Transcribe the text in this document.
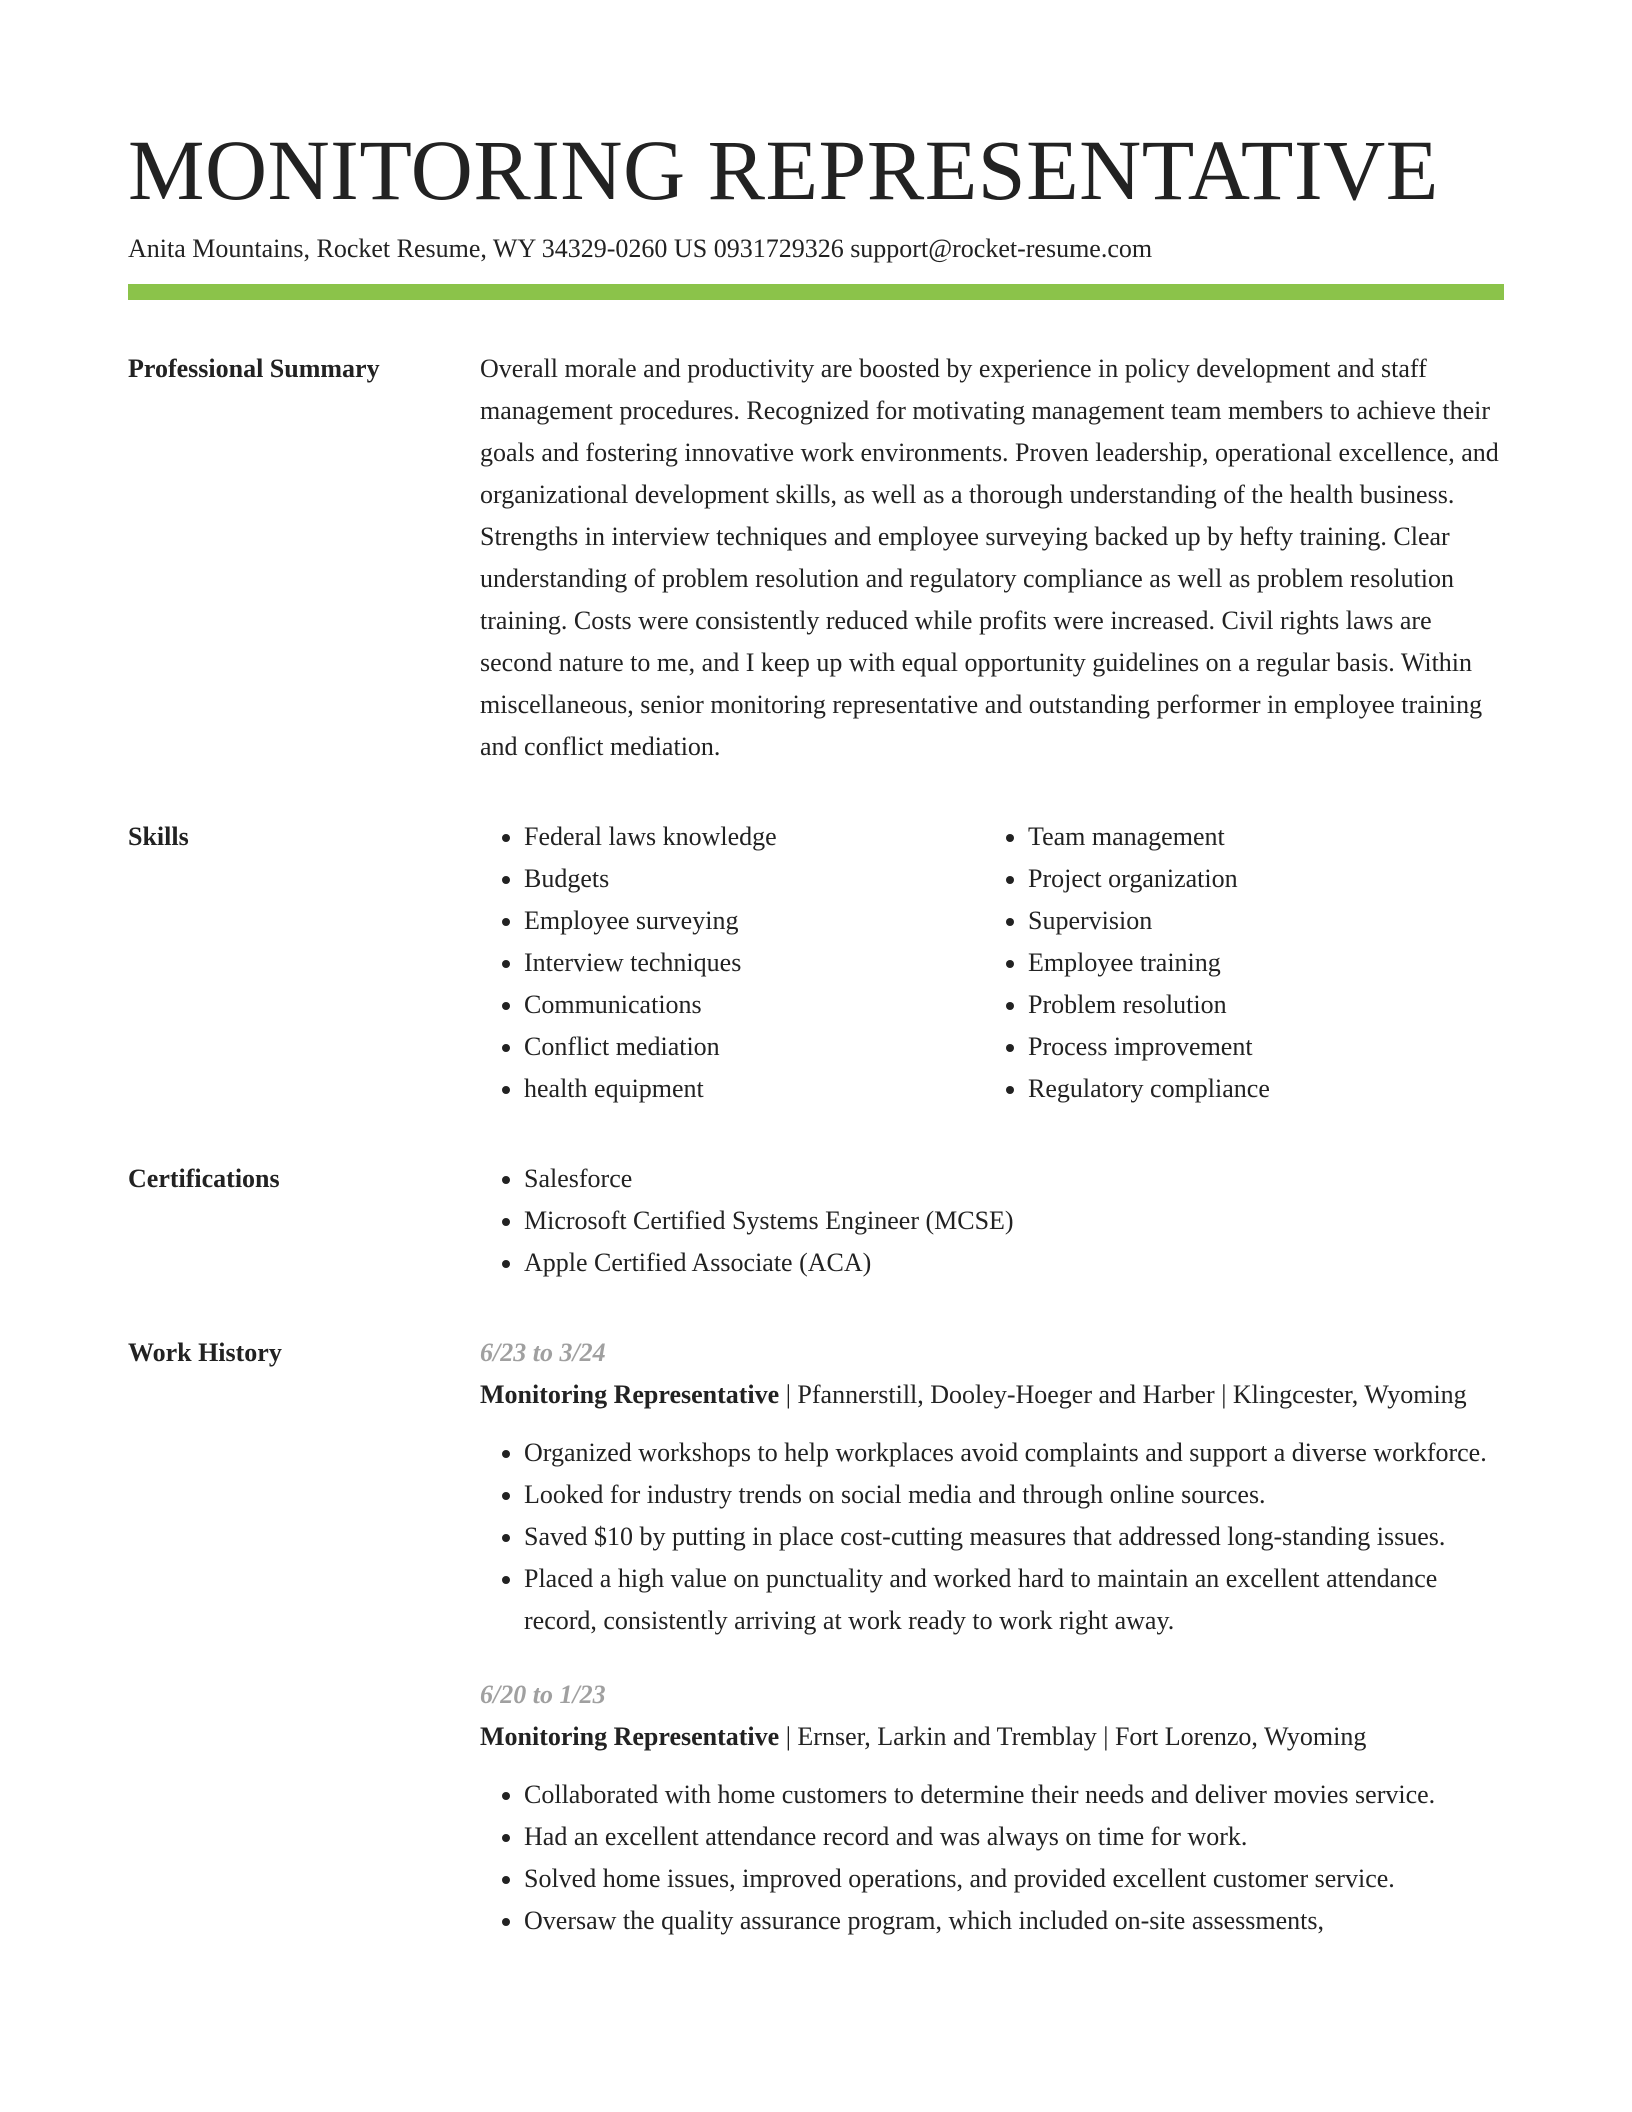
MONITORING REPRESENTATIVE
Anita Mountains, Rocket Resume, WY 34329-0260 US 0931729326 support@rocket-resume.com
Professional Summary	Overall morale and productivity are boosted by experience in policy development and staff management procedures. Recognized for motivating management team members to achieve their goals and fostering innovative work environments. Proven leadership, operational excellence, and organizational development skills, as well as a thorough understanding of the health business. Strengths in interview techniques and employee surveying backed up by hefty training. Clear understanding of problem resolution and regulatory compliance as well as problem resolution training. Costs were consistently reduced while profits were increased. Civil rights laws are second nature to me, and I keep up with equal opportunity guidelines on a regular basis. Within miscellaneous, senior monitoring representative and outstanding performer in employee training and conflict mediation.

Skills	• Federal laws knowledge
• Budgets
• Employee surveying
• Interview techniques
• Communications
• Conflict mediation
• health equipment
• Team management
• Project organization
• Supervision
• Employee training
• Problem resolution
• Process improvement
• Regulatory compliance
Certifications	• Salesforce
• Microsoft Certified Systems Engineer (MCSE)
• Apple Certified Associate (ACA)
Work History	6/23 to 3/24
Monitoring Representative | Pfannerstill, Dooley-Hoeger and Harber | Klingcester, Wyoming
• Organized workshops to help workplaces avoid complaints and support a diverse workforce.
• Looked for industry trends on social media and through online sources.
• Saved $10 by putting in place cost-cutting measures that addressed long-standing issues.
• Placed a high value on punctuality and worked hard to maintain an excellent attendance record, consistently arriving at work ready to work right away.
6/20 to 1/23
Monitoring Representative | Ernser, Larkin and Tremblay | Fort Lorenzo, Wyoming
• Collaborated with home customers to determine their needs and deliver movies service.
• Had an excellent attendance record and was always on time for work.
• Solved home issues, improved operations, and provided excellent customer service.
• Oversaw the quality assurance program, which included on-site assessments,
